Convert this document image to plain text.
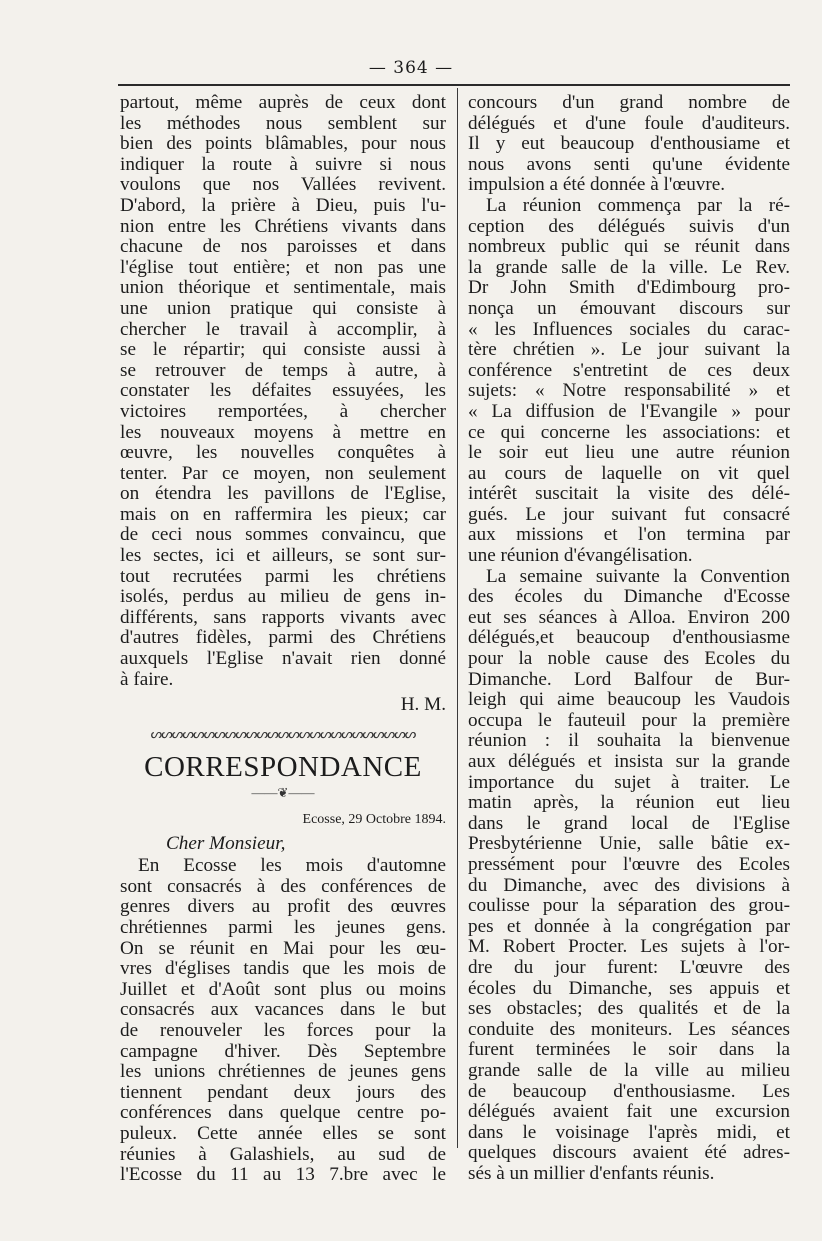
— 364 —
partout, même auprès de ceux dont
les méthodes nous semblent sur
bien des points blâmables, pour nous
indiquer la route à suivre si nous
voulons que nos Vallées revivent.
D'abord, la prière à Dieu, puis l'u-
nion entre les Chrétiens vivants dans
chacune de nos paroisses et dans
l'église tout entière; et non pas une
union théorique et sentimentale, mais
une union pratique qui consiste à
chercher le travail à accomplir, à
se le répartir; qui consiste aussi à
se retrouver de temps à autre, à
constater les défaites essuyées, les
victoires remportées, à chercher
les nouveaux moyens à mettre en
œuvre, les nouvelles conquêtes à
tenter. Par ce moyen, non seulement
on étendra les pavillons de l'Eglise,
mais on en raffermira les pieux; car
de ceci nous sommes convaincu, que
les sectes, ici et ailleurs, se sont sur-
tout recrutées parmi les chrétiens
isolés, perdus au milieu de gens in-
différents, sans rapports vivants avec
d'autres fidèles, parmi des Chrétiens
auxquels l'Eglise n'avait rien donné
à faire.
H. M.
ᔕᔕᔕᔕᔕᔕᔕᔕᔕᔕᔕᔕᔕᔕᔕᔕᔕᔕᔕᔕᔕᔕᔕᔕᔕ
CORRESPONDANCE
——❦——
Ecosse, 29 Octobre 1894.
Cher Monsieur,
En Ecosse les mois d'automne
sont consacrés à des conférences de
genres divers au profit des œuvres
chrétiennes parmi les jeunes gens.
On se réunit en Mai pour les œu-
vres d'églises tandis que les mois de
Juillet et d'Août sont plus ou moins
consacrés aux vacances dans le but
de renouveler les forces pour la
campagne d'hiver. Dès Septembre
les unions chrétiennes de jeunes gens
tiennent pendant deux jours des
conférences dans quelque centre po-
puleux. Cette année elles se sont
réunies à Galashiels, au sud de
l'Ecosse du 11 au 13 7.bre avec le
concours d'un grand nombre de
délégués et d'une foule d'auditeurs.
Il y eut beaucoup d'enthousiame et
nous avons senti qu'une évidente
impulsion a été donnée à l'œuvre.
La réunion commença par la ré-
ception des délégués suivis d'un
nombreux public qui se réunit dans
la grande salle de la ville. Le Rev.
Dr John Smith d'Edimbourg pro-
nonça un émouvant discours sur
« les Influences sociales du carac-
tère chrétien ». Le jour suivant la
conférence s'entretint de ces deux
sujets: « Notre responsabilité » et
« La diffusion de l'Evangile » pour
ce qui concerne les associations: et
le soir eut lieu une autre réunion
au cours de laquelle on vit quel
intérêt suscitait la visite des délé-
gués. Le jour suivant fut consacré
aux missions et l'on termina par
une réunion d'évangélisation.
La semaine suivante la Convention
des écoles du Dimanche d'Ecosse
eut ses séances à Alloa. Environ 200
délégués,et beaucoup d'enthousiasme
pour la noble cause des Ecoles du
Dimanche. Lord Balfour de Bur-
leigh qui aime beaucoup les Vaudois
occupa le fauteuil pour la première
réunion : il souhaita la bienvenue
aux délégués et insista sur la grande
importance du sujet à traiter. Le
matin après, la réunion eut lieu
dans le grand local de l'Eglise
Presbytérienne Unie, salle bâtie ex-
pressément pour l'œuvre des Ecoles
du Dimanche, avec des divisions à
coulisse pour la séparation des grou-
pes et donnée à la congrégation par
M. Robert Procter. Les sujets à l'or-
dre du jour furent: L'œuvre des
écoles du Dimanche, ses appuis et
ses obstacles; des qualités et de la
conduite des moniteurs. Les séances
furent terminées le soir dans la
grande salle de la ville au milieu
de beaucoup d'enthousiasme. Les
délégués avaient fait une excursion
dans le voisinage l'après midi, et
quelques discours avaient été adres-
sés à un millier d'enfants réunis.
